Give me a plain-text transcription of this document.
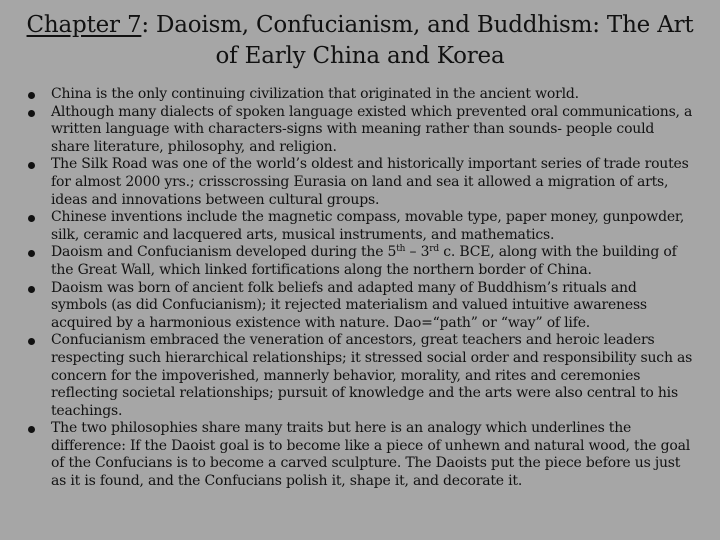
Chapter 7: Daoism, Confucianism, and Buddhism: The Art of Early China and Korea
China is the only continuing civilization that originated in the ancient world.
Although many dialects of spoken language existed which prevented oral communications, a written language with characters-signs with meaning rather than sounds- people could share literature, philosophy, and religion.
The Silk Road was one of the world’s oldest and historically important series of trade routes for almost 2000 yrs.; crisscrossing Eurasia on land and sea it allowed a migration of arts, ideas and innovations between cultural groups.
Chinese inventions include the magnetic compass, movable type, paper money, gunpowder, silk, ceramic and lacquered arts, musical instruments, and mathematics.
Daoism and Confucianism developed during the 5th – 3rd c. BCE, along with the building of the Great Wall, which linked fortifications along the northern border of China.
Daoism was born of ancient folk beliefs and adapted many of Buddhism’s rituals and symbols (as did Confucianism); it rejected materialism and valued intuitive awareness acquired by a harmonious existence with nature. Dao=“path” or “way” of life.
Confucianism embraced the veneration of ancestors, great teachers and heroic leaders respecting such hierarchical relationships; it stressed social order and responsibility such as concern for the impoverished, mannerly behavior, morality, and rites and ceremonies reflecting societal relationships; pursuit of knowledge and the arts were also central to his teachings.
The two philosophies share many traits but here is an analogy which underlines the difference: If the Daoist goal is to become like a piece of unhewn and natural wood, the goal of the Confucians is to become a carved sculpture. The Daoists put the piece before us just as it is found, and the Confucians polish it, shape it, and decorate it.
